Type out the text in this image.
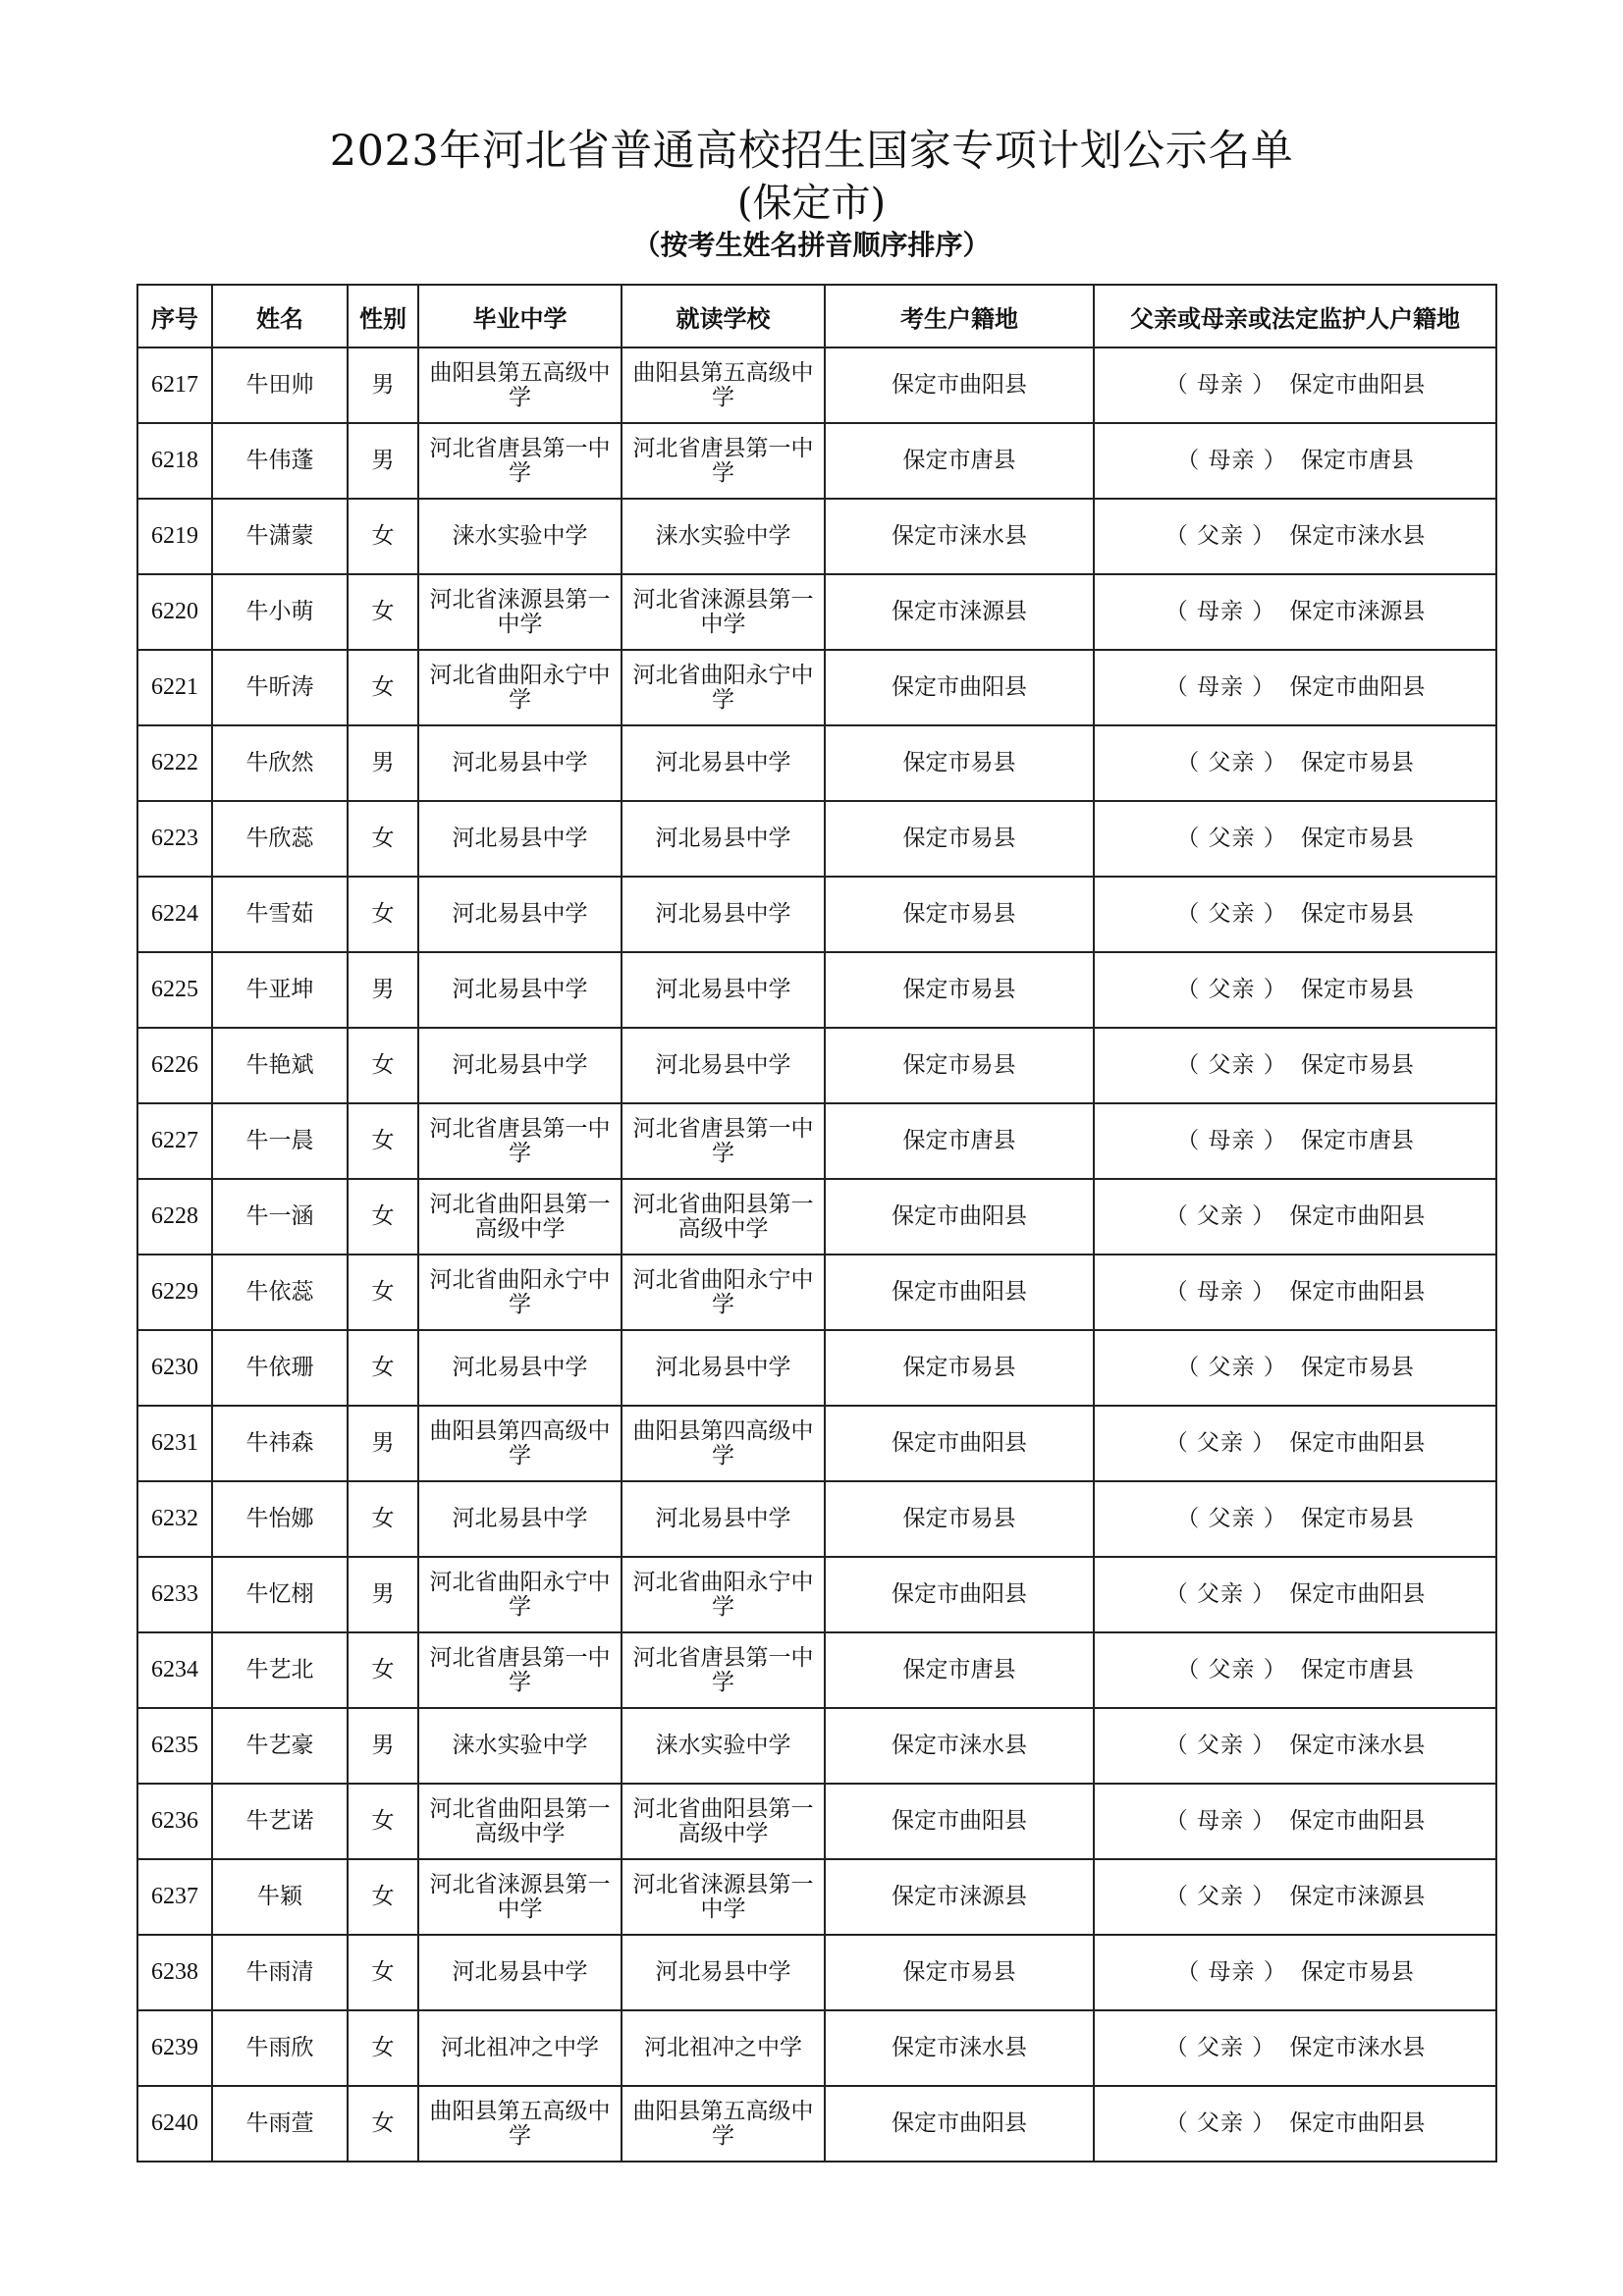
2023年河北省普通高校招生国家专项计划公示名单
(保定市)
（按考生姓名拼音顺序排序）
序号	姓名	性别	毕业中学	就读学校	考生户籍地	父亲或母亲或法定监护人户籍地
6217	牛田帅	男	曲阳县第五高级中学	曲阳县第五高级中学	保定市曲阳县	（ 母亲 ） 保定市曲阳县
6218	牛伟蓬	男	河北省唐县第一中学	河北省唐县第一中学	保定市唐县	（ 母亲 ） 保定市唐县
6219	牛潇蒙	女	涞水实验中学	涞水实验中学	保定市涞水县	（ 父亲 ） 保定市涞水县
6220	牛小萌	女	河北省涞源县第一中学	河北省涞源县第一中学	保定市涞源县	（ 母亲 ） 保定市涞源县
6221	牛昕涛	女	河北省曲阳永宁中学	河北省曲阳永宁中学	保定市曲阳县	（ 母亲 ） 保定市曲阳县
6222	牛欣然	男	河北易县中学	河北易县中学	保定市易县	（ 父亲 ） 保定市易县
6223	牛欣蕊	女	河北易县中学	河北易县中学	保定市易县	（ 父亲 ） 保定市易县
6224	牛雪茹	女	河北易县中学	河北易县中学	保定市易县	（ 父亲 ） 保定市易县
6225	牛亚坤	男	河北易县中学	河北易县中学	保定市易县	（ 父亲 ） 保定市易县
6226	牛艳斌	女	河北易县中学	河北易县中学	保定市易县	（ 父亲 ） 保定市易县
6227	牛一晨	女	河北省唐县第一中学	河北省唐县第一中学	保定市唐县	（ 母亲 ） 保定市唐县
6228	牛一涵	女	河北省曲阳县第一高级中学	河北省曲阳县第一高级中学	保定市曲阳县	（ 父亲 ） 保定市曲阳县
6229	牛依蕊	女	河北省曲阳永宁中学	河北省曲阳永宁中学	保定市曲阳县	（ 母亲 ） 保定市曲阳县
6230	牛依珊	女	河北易县中学	河北易县中学	保定市易县	（ 父亲 ） 保定市易县
6231	牛祎森	男	曲阳县第四高级中学	曲阳县第四高级中学	保定市曲阳县	（ 父亲 ） 保定市曲阳县
6232	牛怡娜	女	河北易县中学	河北易县中学	保定市易县	（ 父亲 ） 保定市易县
6233	牛忆栩	男	河北省曲阳永宁中学	河北省曲阳永宁中学	保定市曲阳县	（ 父亲 ） 保定市曲阳县
6234	牛艺北	女	河北省唐县第一中学	河北省唐县第一中学	保定市唐县	（ 父亲 ） 保定市唐县
6235	牛艺豪	男	涞水实验中学	涞水实验中学	保定市涞水县	（ 父亲 ） 保定市涞水县
6236	牛艺诺	女	河北省曲阳县第一高级中学	河北省曲阳县第一高级中学	保定市曲阳县	（ 母亲 ） 保定市曲阳县
6237	牛颖	女	河北省涞源县第一中学	河北省涞源县第一中学	保定市涞源县	（ 父亲 ） 保定市涞源县
6238	牛雨清	女	河北易县中学	河北易县中学	保定市易县	（ 母亲 ） 保定市易县
6239	牛雨欣	女	河北祖冲之中学	河北祖冲之中学	保定市涞水县	（ 父亲 ） 保定市涞水县
6240	牛雨萱	女	曲阳县第五高级中学	曲阳县第五高级中学	保定市曲阳县	（ 父亲 ） 保定市曲阳县
